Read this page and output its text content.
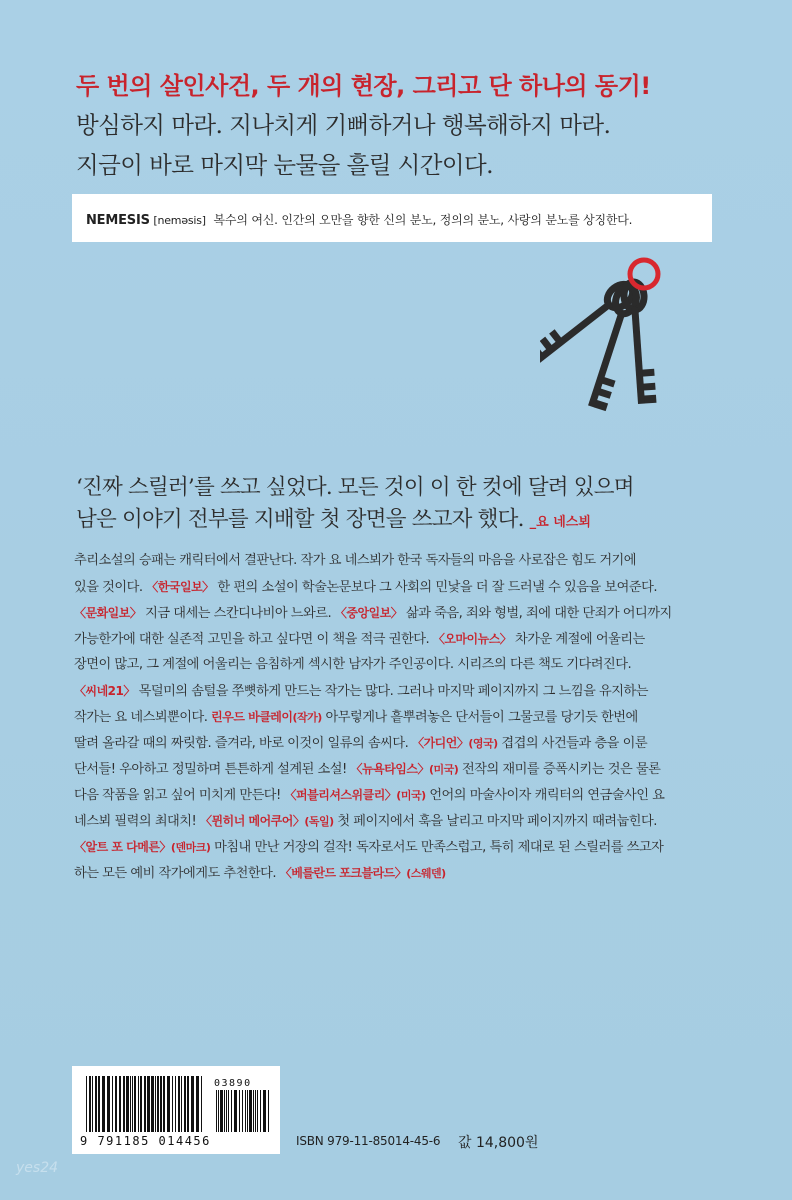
두 번의 살인사건, 두 개의 현장, 그리고 단 하나의 동기!
방심하지 마라. 지나치게 기뻐하거나 행복해하지 마라.
지금이 바로 마지막 눈물을 흘릴 시간이다.
NEMESIS [neməsis] 복수의 여신. 인간의 오만을 향한 신의 분노, 정의의 분노, 사랑의 분노를 상징한다.
‘진짜 스릴러’를 쓰고 싶었다. 모든 것이 이 한 컷에 달려 있으며
남은 이야기 전부를 지배할 첫 장면을 쓰고자 했다. _요 네스뵈
추리소설의 승패는 캐릭터에서 결판난다. 작가 요 네스뵈가 한국 독자들의 마음을 사로잡은 힘도 거기에
있을 것이다. 〈한국일보〉 한 편의 소설이 학술논문보다 그 사회의 민낯을 더 잘 드러낼 수 있음을 보여준다.
〈문화일보〉 지금 대세는 스칸디나비아 느와르. 〈중앙일보〉 삶과 죽음, 죄와 형벌, 죄에 대한 단죄가 어디까지
가능한가에 대한 실존적 고민을 하고 싶다면 이 책을 적극 권한다. 〈오마이뉴스〉 차가운 계절에 어울리는
장면이 많고, 그 계절에 어울리는 음침하게 섹시한 남자가 주인공이다. 시리즈의 다른 책도 기다려진다.
〈씨네21〉 목덜미의 솜털을 쭈뼛하게 만드는 작가는 많다. 그러나 마지막 페이지까지 그 느낌을 유지하는
작가는 요 네스뵈뿐이다. 린우드 바클레이(작가) 아무렇게나 흩뿌려놓은 단서들이 그물코를 당기듯 한번에
딸려 올라갈 때의 짜릿함. 즐겨라, 바로 이것이 일류의 솜씨다. 〈가디언〉(영국) 겹겹의 사건들과 층을 이룬
단서들! 우아하고 정밀하며 튼튼하게 설계된 소설! 〈뉴욕타임스〉(미국) 전작의 재미를 증폭시키는 것은 물론
다음 작품을 읽고 싶어 미치게 만든다! 〈퍼블리셔스위클리〉(미국) 언어의 마술사이자 캐릭터의 연금술사인 요
네스뵈 필력의 최대치! 〈뮌히너 메어쿠어〉(독일) 첫 페이지에서 훅을 날리고 마지막 페이지까지 때려눕힌다.
〈알트 포 다메른〉(덴마크) 마침내 만난 거장의 걸작! 독자로서도 만족스럽고, 특히 제대로 된 스릴러를 쓰고자
하는 모든 예비 작가에게도 추천한다. 〈베를란드 포크블라드〉(스웨덴)
03890
9 791185 014456	ISBN 979-11-85014-45-6 값 14,800원
yes24
